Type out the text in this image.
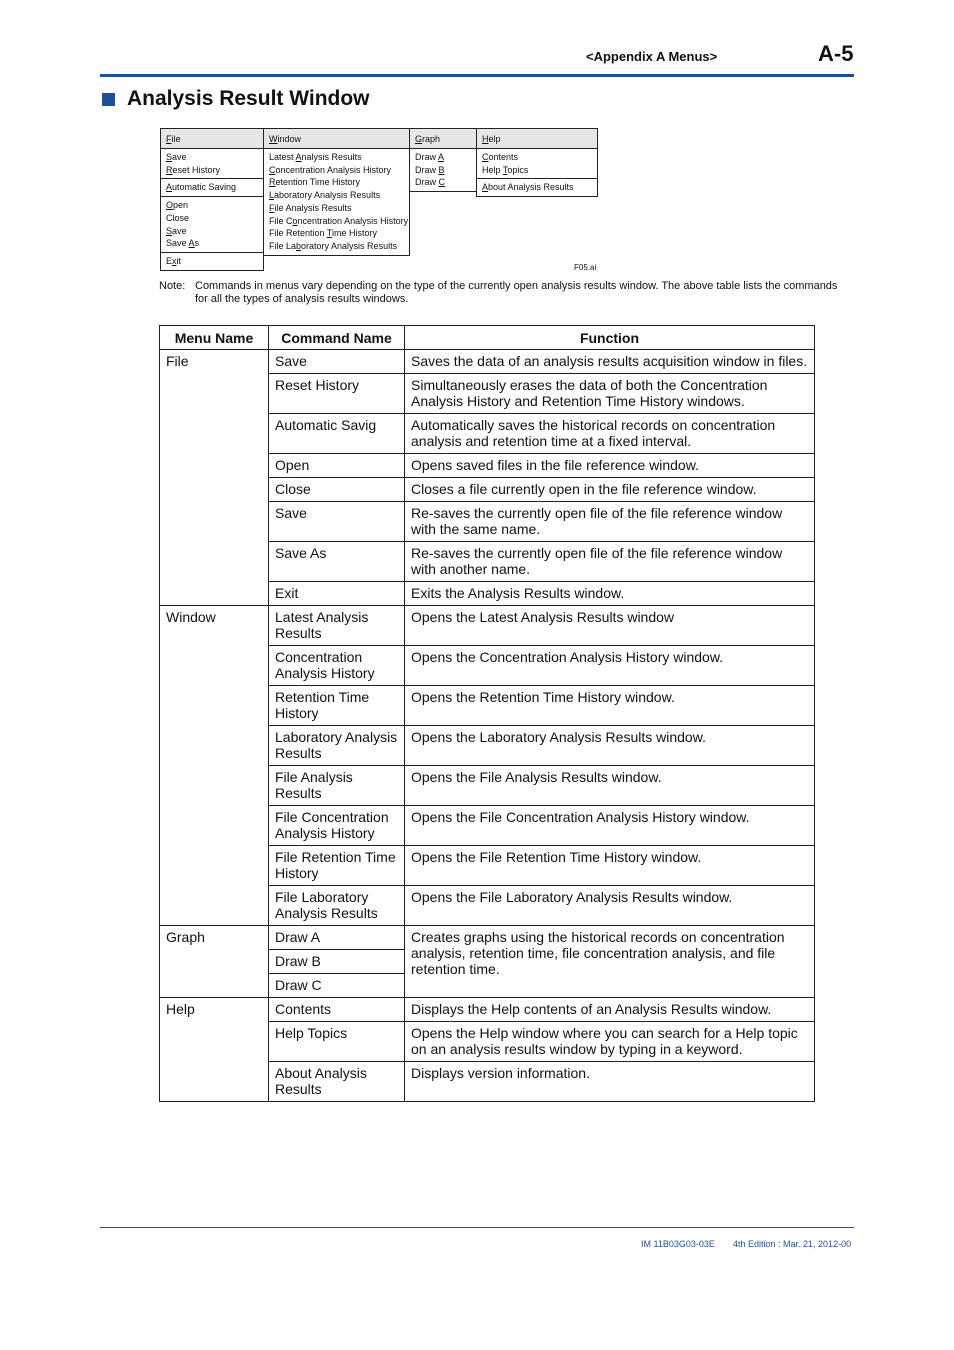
<Appendix A Menus>	A-5
Analysis Result Window
File
Save
Reset History
Automatic Saving
Open
Close
Save
Save As
Exit
Window
Latest Analysis Results
Concentration Analysis History
Retention Time History
Laboratory Analysis Results
File Analysis Results
File Concentration Analysis History
File Retention Time History
File Laboratory Analysis Results
Graph
Draw A
Draw B
Draw C
Help
Contents
Help Topics
About Analysis Results
F05.ai
Note: Commands in menus vary depending on the type of the currently open analysis results window. The above table lists the commands for all the types of analysis results windows.
Menu Name	Command Name	Function
File	Save	Saves the data of an analysis results acquisition window in files.
	Reset History	Simultaneously erases the data of both the Concentration Analysis History and Retention Time History windows.
	Automatic Savig	Automatically saves the historical records on concentration analysis and retention time at a fixed interval.
	Open	Opens saved files in the file reference window.
	Close	Closes a file currently open in the file reference window.
	Save	Re-saves the currently open file of the file reference window with the same name.
	Save As	Re-saves the currently open file of the file reference window with another name.
	Exit	Exits the Analysis Results window.
Window	Latest Analysis Results	Opens the Latest Analysis Results window
	Concentration Analysis History	Opens the Concentration Analysis History window.
	Retention Time History	Opens the Retention Time History window.
	Laboratory Analysis Results	Opens the Laboratory Analysis Results window.
	File Analysis Results	Opens the File Analysis Results window.
	File Concentration Analysis History	Opens the File Concentration Analysis History window.
	File Retention Time History	Opens the File Retention Time History window.
	File Laboratory Analysis Results	Opens the File Laboratory Analysis Results window.
Graph	Draw A	Creates graphs using the historical records on concentration analysis, retention time, file concentration analysis, and file retention time.
	Draw B	
	Draw C	
Help	Contents	Displays the Help contents of an Analysis Results window.
	Help Topics	Opens the Help window where you can search for a Help topic on an analysis results window by typing in a keyword.
	About Analysis Results	Displays version information.
IM 11B03G03-03E 4th Edition : Mar. 21, 2012-00
